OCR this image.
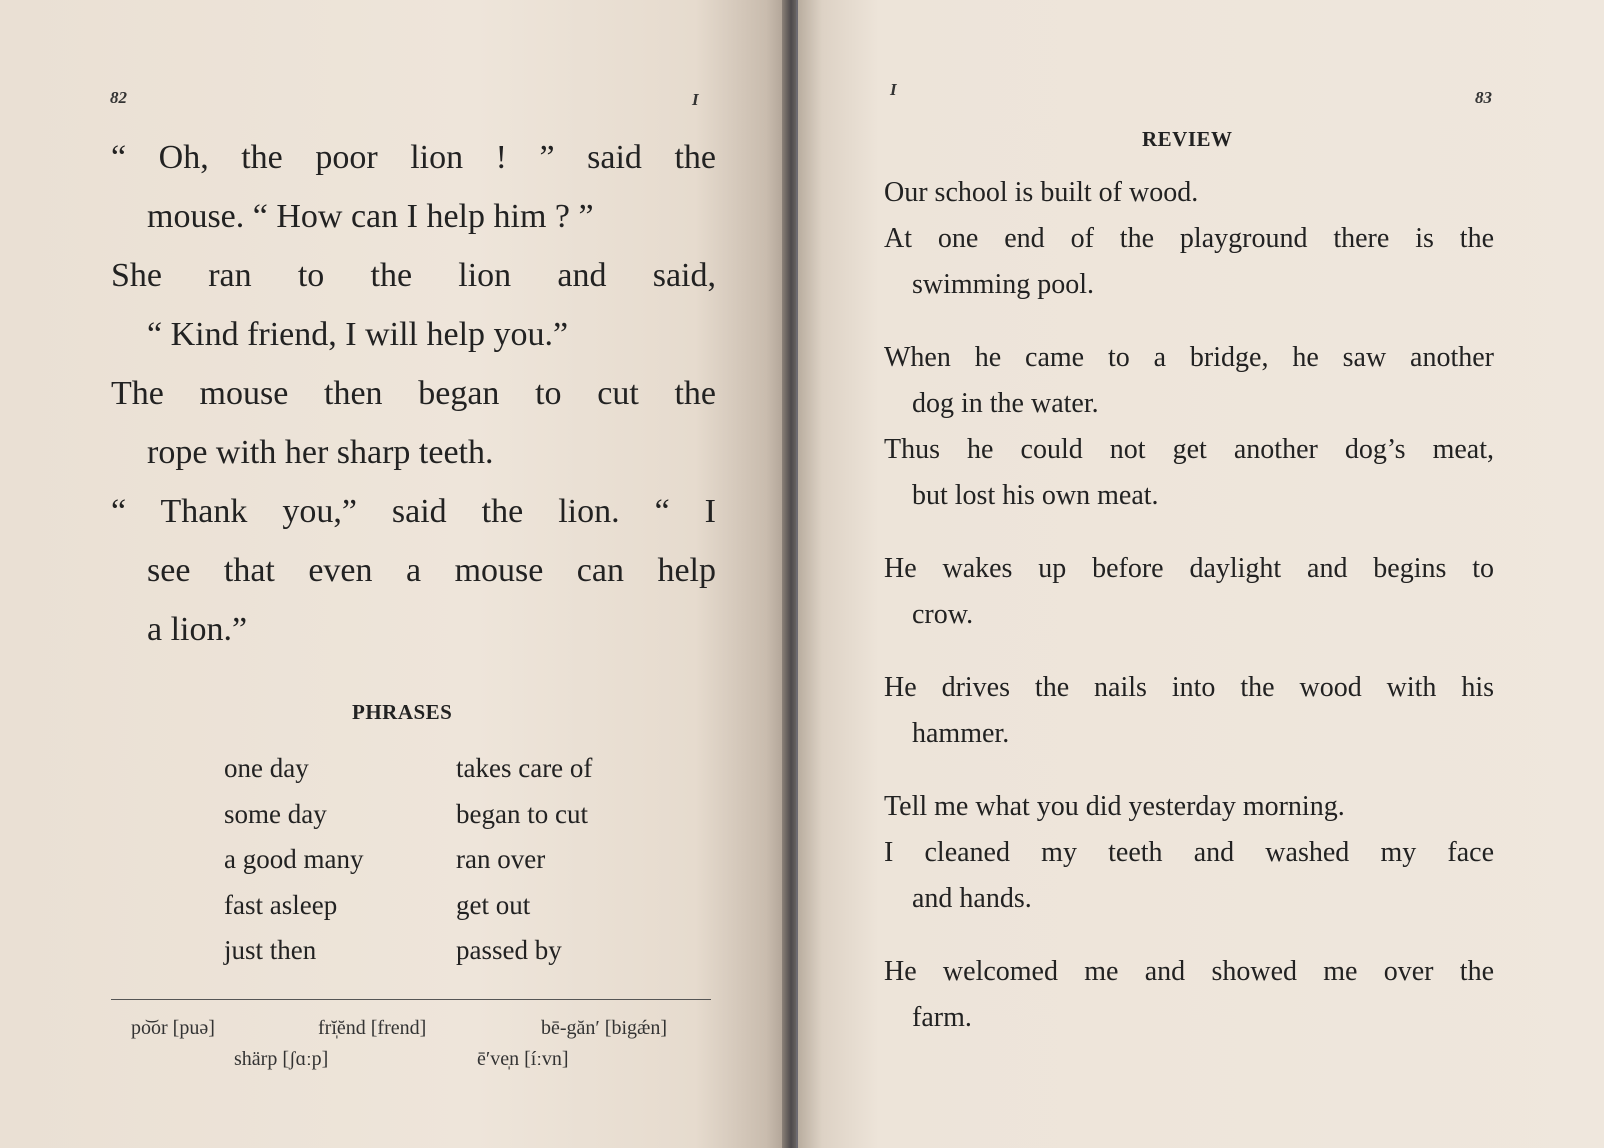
82	I

“ Oh, the poor lion ! ” said the
mouse. “ How can I help him ? ”

She ran to the lion and said,
“ Kind friend, I will help you.”

The mouse then began to cut the
rope with her sharp teeth.

“ Thank you,” said the lion. “ I
see that even a mouse can help
a lion.”

PHRASES
one day	takes care of
some day	began to cut
a good many	ran over
fast asleep	get out
just then	passed by
po͝or [puə]	frĭ̩ĕnd [frend]	bē-găn′ [bigǽn]
shärp [ʃɑːp]	ē′ve̩n [íːvn]
I	83
REVIEW

Our school is built of wood.

At one end of the playground there is the
swimming pool.

When he came to a bridge, he saw another
dog in the water.

Thus he could not get another dog’s meat,
but lost his own meat.

He wakes up before daylight and begins to
crow.

He drives the nails into the wood with his
hammer.

Tell me what you did yesterday morning.

I cleaned my teeth and washed my face
and hands.

He welcomed me and showed me over the
farm.
